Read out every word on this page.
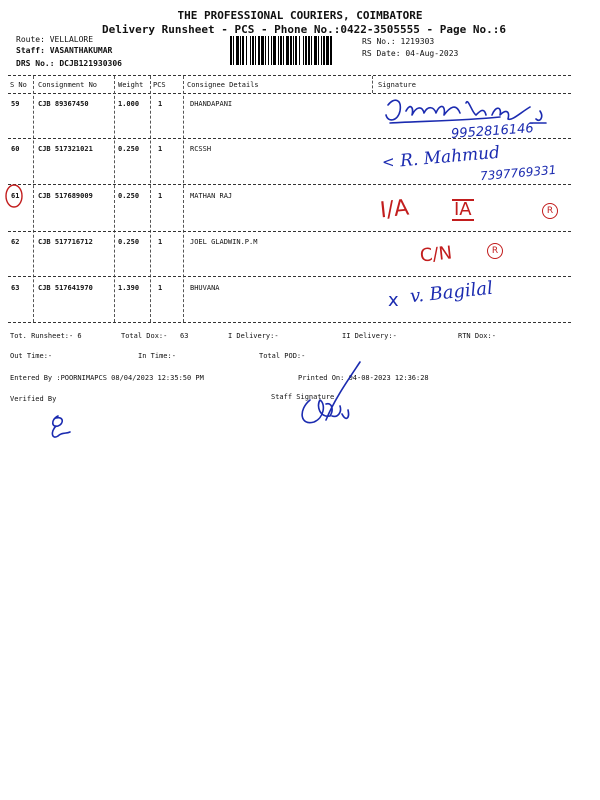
THE PROFESSIONAL COURIERS, COIMBATORE
Delivery Runsheet - PCS - Phone No.:0422-3505555 - Page No.:6
Route: VELLALORE
Staff: VASANTHAKUMAR
DRS No.: DCJB121930306
RS No.: 1219303
RS Date: 04-Aug-2023
S No Consignment No	Weight PCS	Consignee Details	Signature
59	CJB 89367450	1.000	1	DHANDAPANI
9952816146
60	CJB 517321021	0.250	1	RCSSH
< R. Mahmud
7397769331
61	CJB 517689009	0.250	1	MATHAN RAJ	I/A IA	R
62	CJB 517716712	0.250	1	JOEL GLADWIN.P.M
C/N	R
63	CJB 517641970	1.390	1	BHUVANA
x v. Bagilal
Tot. Runsheet:- 6	Total Dox:-   63	I Delivery:-	II Delivery:-	RTN Dox:-
Out Time:-	In Time:-	Total POD:-
Entered By :POORNIMAPCS 08/04/2023 12:35:50 PM	Printed On: 04-08-2023 12:36:28
Verified By	Staff Signature
